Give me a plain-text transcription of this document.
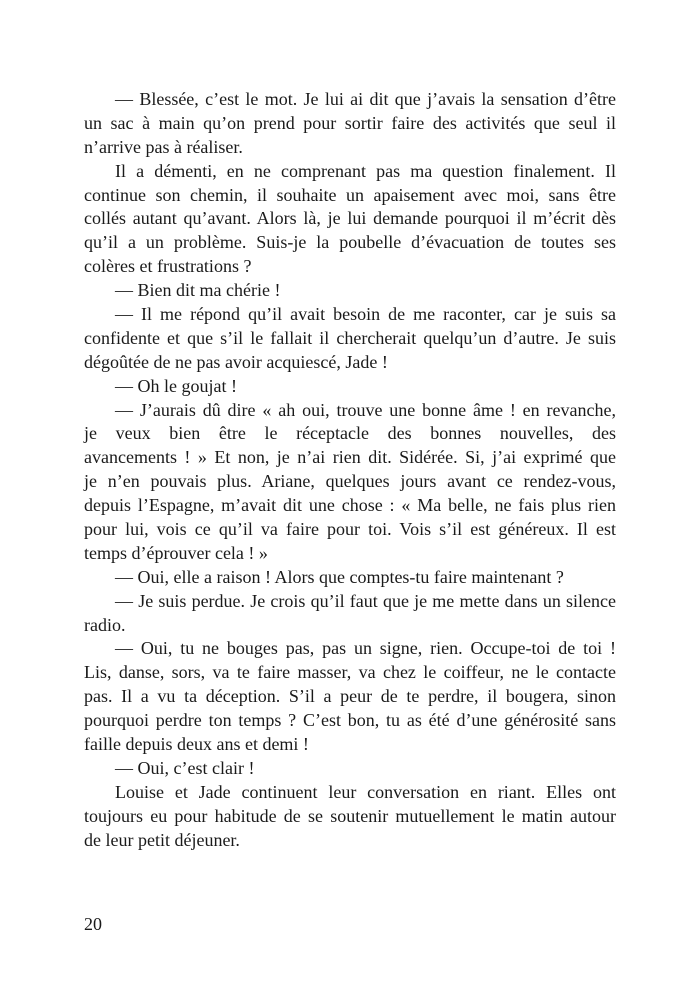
— Blessée, c’est le mot. Je lui ai dit que j’avais la sensation d’être
un sac à main qu’on prend pour sortir faire des activités que seul il
n’arrive pas à réaliser.
Il a démenti, en ne comprenant pas ma question finalement. Il
continue son chemin, il souhaite un apaisement avec moi, sans être
collés autant qu’avant. Alors là, je lui demande pourquoi il m’écrit dès
qu’il a un problème. Suis-je la poubelle d’évacuation de toutes ses
colères et frustrations ?
— Bien dit ma chérie !
— Il me répond qu’il avait besoin de me raconter, car je suis sa
confidente et que s’il le fallait il chercherait quelqu’un d’autre. Je suis
dégoûtée de ne pas avoir acquiescé, Jade !
— Oh le goujat !
— J’aurais dû dire « ah oui, trouve une bonne âme ! en revanche,
je veux bien être le réceptacle des bonnes nouvelles, des
avancements ! » Et non, je n’ai rien dit. Sidérée. Si, j’ai exprimé que
je n’en pouvais plus. Ariane, quelques jours avant ce rendez-vous,
depuis l’Espagne, m’avait dit une chose : « Ma belle, ne fais plus rien
pour lui, vois ce qu’il va faire pour toi. Vois s’il est généreux. Il est
temps d’éprouver cela ! »
— Oui, elle a raison ! Alors que comptes-tu faire maintenant ?
— Je suis perdue. Je crois qu’il faut que je me mette dans un silence
radio.
— Oui, tu ne bouges pas, pas un signe, rien. Occupe-toi de toi !
Lis, danse, sors, va te faire masser, va chez le coiffeur, ne le contacte
pas. Il a vu ta déception. S’il a peur de te perdre, il bougera, sinon
pourquoi perdre ton temps ? C’est bon, tu as été d’une générosité sans
faille depuis deux ans et demi !
— Oui, c’est clair !
Louise et Jade continuent leur conversation en riant. Elles ont
toujours eu pour habitude de se soutenir mutuellement le matin autour
de leur petit déjeuner.
20
